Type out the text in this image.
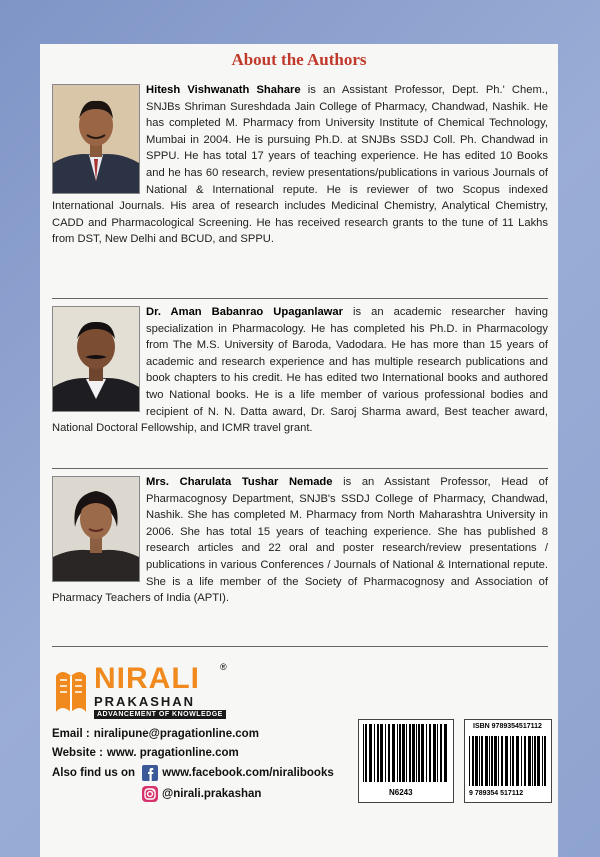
About the Authors

Hitesh Vishwanath Shahare is an Assistant Professor, Dept. Ph.' Chem., SNJBs Shriman Sureshdada Jain College of Pharmacy, Chandwad, Nashik. He has completed M. Pharmacy from University Institute of Chemical Technology, Mumbai in 2004. He is pursuing Ph.D. at SNJBs SSDJ Coll. Ph. Chandwad in SPPU. He has total 17 years of teaching experience. He has edited 10 Books and he has 60 research, review presentations/publications in various Journals of National & International repute. He is reviewer of two Scopus indexed International Journals. His area of research includes Medicinal Chemistry, Analytical Chemistry, CADD and Pharmacological Screening. He has received research grants to the tune of 11 Lakhs from DST, New Delhi and BCUD, and SPPU.

Dr. Aman Babanrao Upaganlawar is an academic researcher having specialization in Pharmacology. He has completed his Ph.D. in Pharmacology from The M.S. University of Baroda, Vadodara. He has more than 15 years of academic and research experience and has multiple research publications and book chapters to his credit. He has edited two International books and authored two National books. He is a life member of various professional bodies and recipient of N. N. Datta award, Dr. Saroj Sharma award, Best teacher award, National Doctoral Fellowship, and ICMR travel grant.

Mrs. Charulata Tushar Nemade is an Assistant Professor, Head of Pharmacognosy Department, SNJB's SSDJ College of Pharmacy, Chandwad, Nashik. She has completed M. Pharmacy from North Maharashtra University in 2006. She has total 15 years of teaching experience. She has published 8 research articles and 22 oral and poster research/review presentations / publications in various Conferences / Journals of National & International repute. She is a life member of the Society of Pharmacognosy and Association of Pharmacy Teachers of India (APTI).

NIRALI ®
PRAKASHAN
ADVANCEMENT OF KNOWLEDGE
Email : niralipune@pragationline.com
Website : www. pragationline.com
Also find us on www.facebook.com/niralibooks
@nirali.prakashan	N6243
ISBN 9789354517112
9 789354 517112
